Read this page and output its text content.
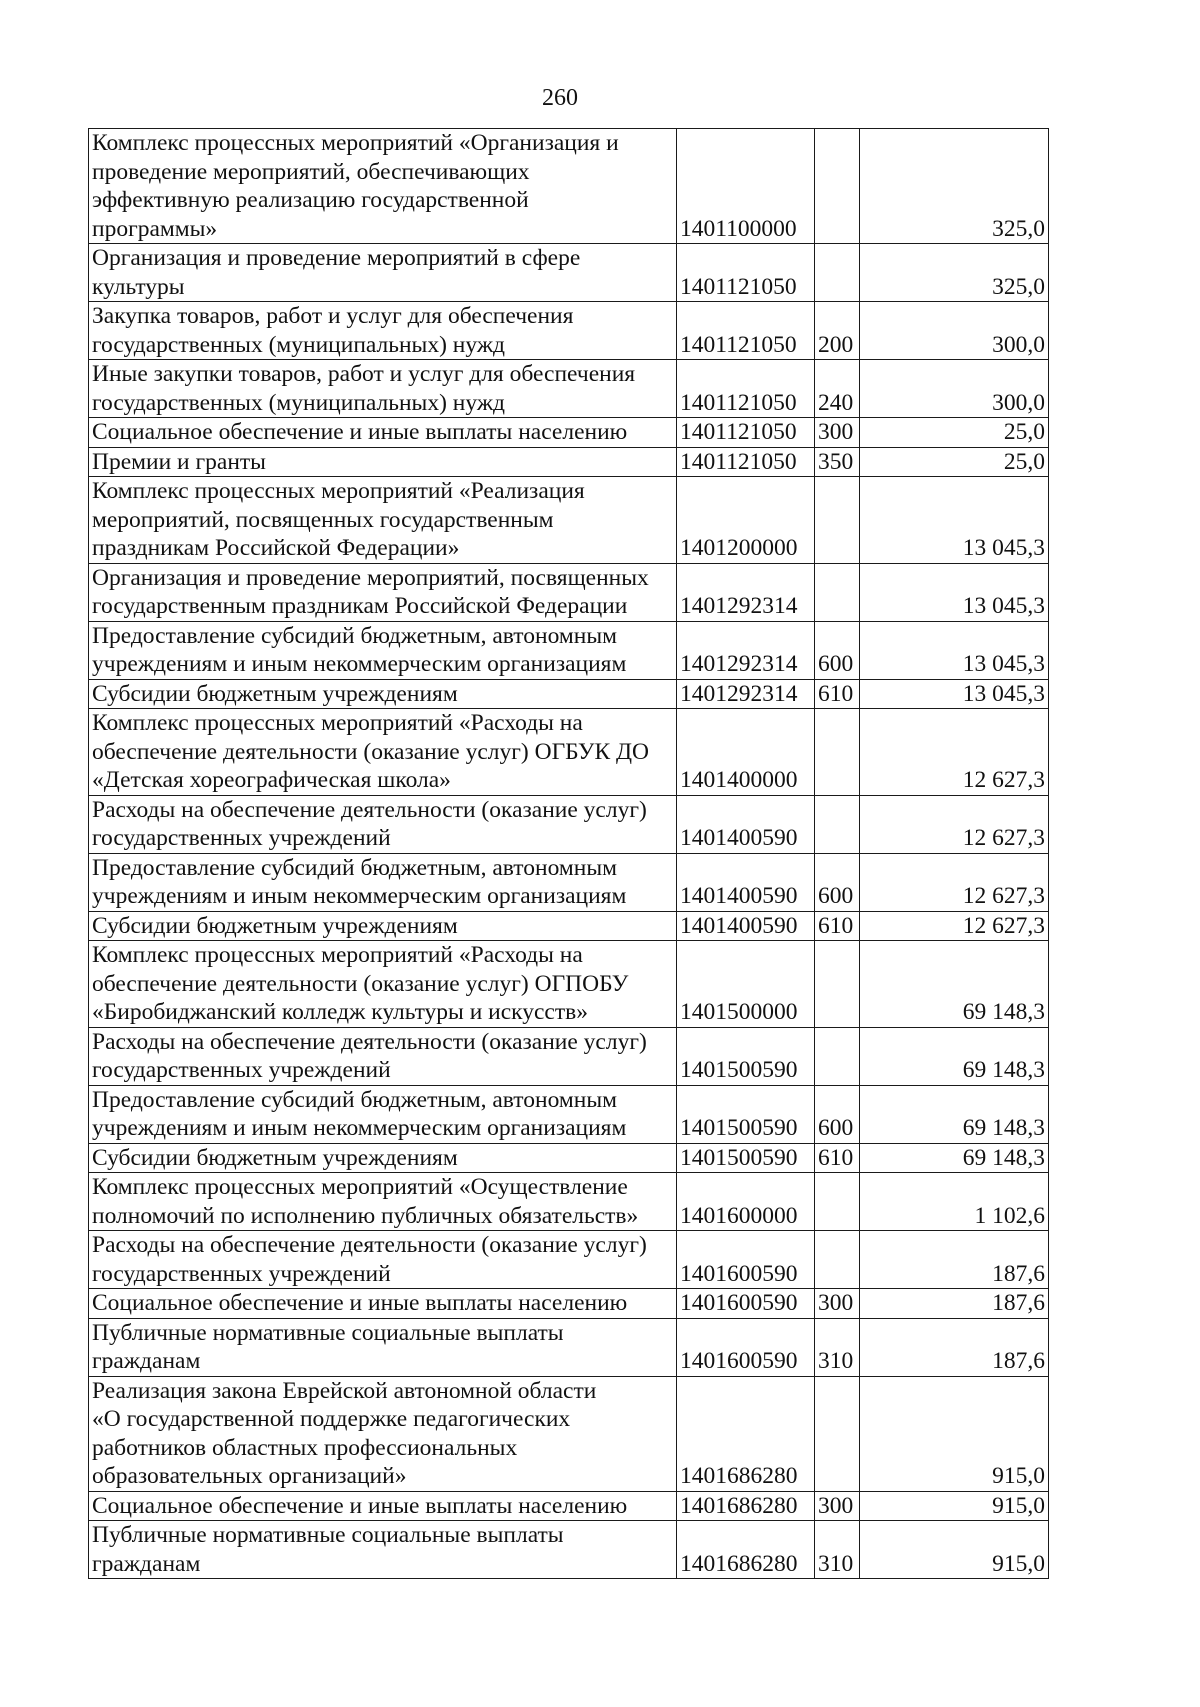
260
Комплекс процессных мероприятий «Организация и
проведение мероприятий, обеспечивающих
эффективную реализацию государственной
программы»	1401100000		325,0

Организация и проведение мероприятий в сфере
культуры	1401121050		325,0

Закупка товаров, работ и услуг для обеспечения
государственных (муниципальных) нужд	1401121050	200	300,0

Иные закупки товаров, работ и услуг для обеспечения
государственных (муниципальных) нужд	1401121050	240	300,0

Социальное обеспечение и иные выплаты населению	1401121050	300	25,0

Премии и гранты	1401121050	350	25,0

Комплекс процессных мероприятий «Реализация
мероприятий, посвященных государственным
праздникам Российской Федерации»	1401200000		13 045,3

Организация и проведение мероприятий, посвященных
государственным праздникам Российской Федерации	1401292314		13 045,3

Предоставление субсидий бюджетным, автономным
учреждениям и иным некоммерческим организациям	1401292314	600	13 045,3

Субсидии бюджетным учреждениям	1401292314	610	13 045,3

Комплекс процессных мероприятий «Расходы на
обеспечение деятельности (оказание услуг) ОГБУК ДО
«Детская хореографическая школа»	1401400000		12 627,3

Расходы на обеспечение деятельности (оказание услуг)
государственных учреждений	1401400590		12 627,3

Предоставление субсидий бюджетным, автономным
учреждениям и иным некоммерческим организациям	1401400590	600	12 627,3

Субсидии бюджетным учреждениям	1401400590	610	12 627,3

Комплекс процессных мероприятий «Расходы на
обеспечение деятельности (оказание услуг) ОГПОБУ
«Биробиджанский колледж культуры и искусств»	1401500000		69 148,3

Расходы на обеспечение деятельности (оказание услуг)
государственных учреждений	1401500590		69 148,3

Предоставление субсидий бюджетным, автономным
учреждениям и иным некоммерческим организациям	1401500590	600	69 148,3

Субсидии бюджетным учреждениям	1401500590	610	69 148,3

Комплекс процессных мероприятий «Осуществление
полномочий по исполнению публичных обязательств»	1401600000		1 102,6

Расходы на обеспечение деятельности (оказание услуг)
государственных учреждений	1401600590		187,6

Социальное обеспечение и иные выплаты населению	1401600590	300	187,6

Публичные нормативные социальные выплаты
гражданам	1401600590	310	187,6

Реализация закона Еврейской автономной области
«О государственной поддержке педагогических
работников областных профессиональных
образовательных организаций»	1401686280		915,0

Социальное обеспечение и иные выплаты населению	1401686280	300	915,0

Публичные нормативные социальные выплаты
гражданам	1401686280	310	915,0
